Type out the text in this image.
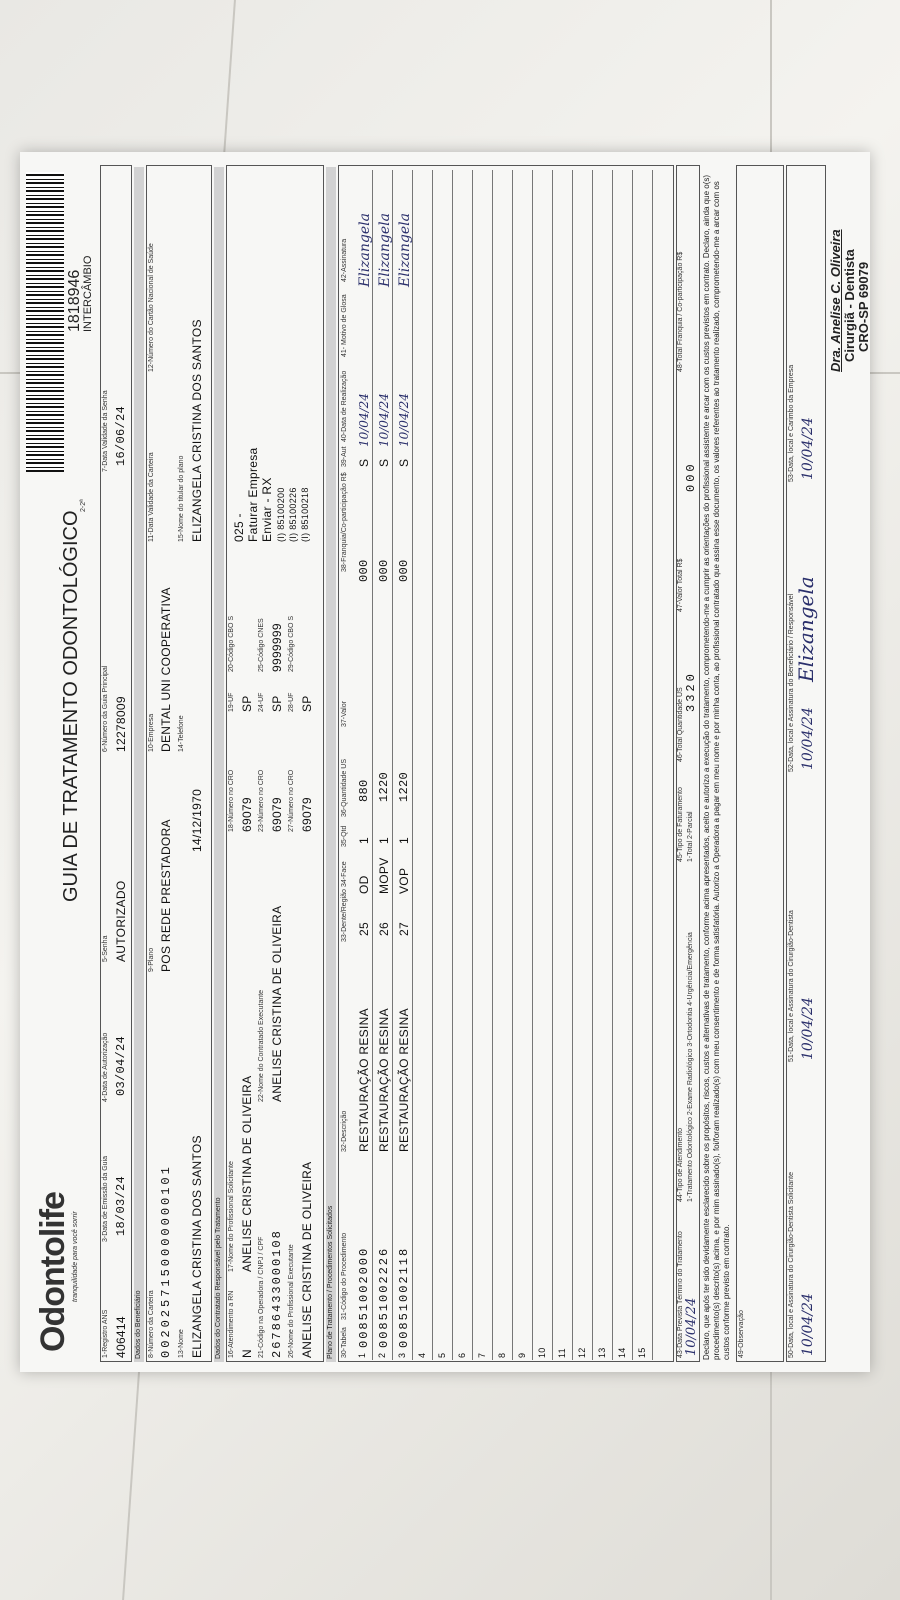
Odontolife tranquilidade para você sorrir
GUIA DE TRATAMENTO ODONTOLÓGICO
2-2ª
1818946 INTERCÂMBIO
1-Registro ANS 406414
3-Data de Emissão da Guia 18/03/24
4-Data de Autorização 03/04/24
5-Senha AUTORIZADO
6-Número da Guia Principal 12278009
7-Data Validade da Senha 16/06/24
Dados do Beneficiário 8-Número da Carteira 0020257150000000101
9-Plano POS REDE PRESTADORA
10-Empresa DENTAL UNI COOPERATIVA
11-Data Validade da Carteira
12-Número do Cartão Nacional de Saúde
13-Nome ELIZANGELA CRISTINA DOS SANTOS
14/12/1970
14-Telefone
15-Nome do titular do plano ELIZANGELA CRISTINA DOS SANTOS
Dados do Contratado Responsável pelo Tratamento 16-Atendimento a RN N
17-Nome do Profissional Solicitante ANELISE CRISTINA DE OLIVEIRA
18-Número no CRO 69079
19-UF SP
20-Código CBO S
21-Código na Operadora / CNPJ / CPF 26786433000108
22-Nome do Contratado Executante ANELISE CRISTINA DE OLIVEIRA
23-Número no CRO 69079
24-UF SP
25-Código CNES 9999999
26-Nome do Profissional Executante ANELISE CRISTINA DE OLIVEIRA
27-Número no CRO 69079
28-UF SP
29-Código CBO S
025 - Faturar Empresa Enviar - RX (I) 85100200 (I) 85100226 (I) 85100218
Plano de Tratamento / Procedimentos Solicitados 30-Tabela
31-Código do Procedimento
32-Descrição
33-Dente/Região
34-Face
35-Qtd
36-Quantidade US
37-Valor
38-Franquia/Co-participação R$
39-Aut
40-Data de Realização
41- Motivo de Glosa
42-Assinatura
1
00851002000
RESTAURAÇÃO RESINA
25
OD
1
880
000
S
10/04/24
Elizangela
2
00851002226
RESTAURAÇÃO RESINA
26
MOPV
1
1220
000
S
10/04/24
Elizangela
3
00851002118
RESTAURAÇÃO RESINA
27
VOP
1
1220
000
S
10/04/24
Elizangela
4 5 6 7 8 9 10 11 12 13 14 15	43-Data Prevista Término do Tratamento 10/04/24
44-Tipo de Atendimento 1-Tratamento Odontológico 2-Exame Radiológico 3-Ortodontia 4-Urgência/Emergência
45-Tipo de Faturamento 1-Total 2-Parcial
46-Total Quantidade US 3320
47-Valor Total R$
48-Total Franquia / Co-participação R$
000 Declaro, que após ter sido devidamente esclarecido sobre os propósitos, riscos, custos e alternativas de tratamento, conforme acima apresentados, aceito e autorizo a execução do tratamento, comprometendo-me a cumprir as orientações do profissional assistente e arcar com os custos previstos em contrato. Declaro, ainda que o(s) procedimento(s) descrito(s) acima, e por mim assinado(s), foi/foram realizado(s) com meu consentimento e de forma satisfatória. Autorizo a Operadora a pagar em meu nome e por minha conta, ao profissional contratado que assina esse documento, os valores referentes ao tratamento realizado, comprometendo-me a arcar com os custos conforme previsto em contrato. 49-Observação	50-Data, local e Assinatura do Cirurgião-Dentista Solicitante 10/04/24
51-Data, local e Assinatura do Cirurgião-Dentista 10/04/24
52-Data, local e Assinatura do Beneficiário / Responsável 10/04/24
Elizangela
53-Data, local e Carimbo da Empresa 10/04/24
Dra. Anelise C. Oliveira Cirurgiã - Dentista CRO-SP 69079
